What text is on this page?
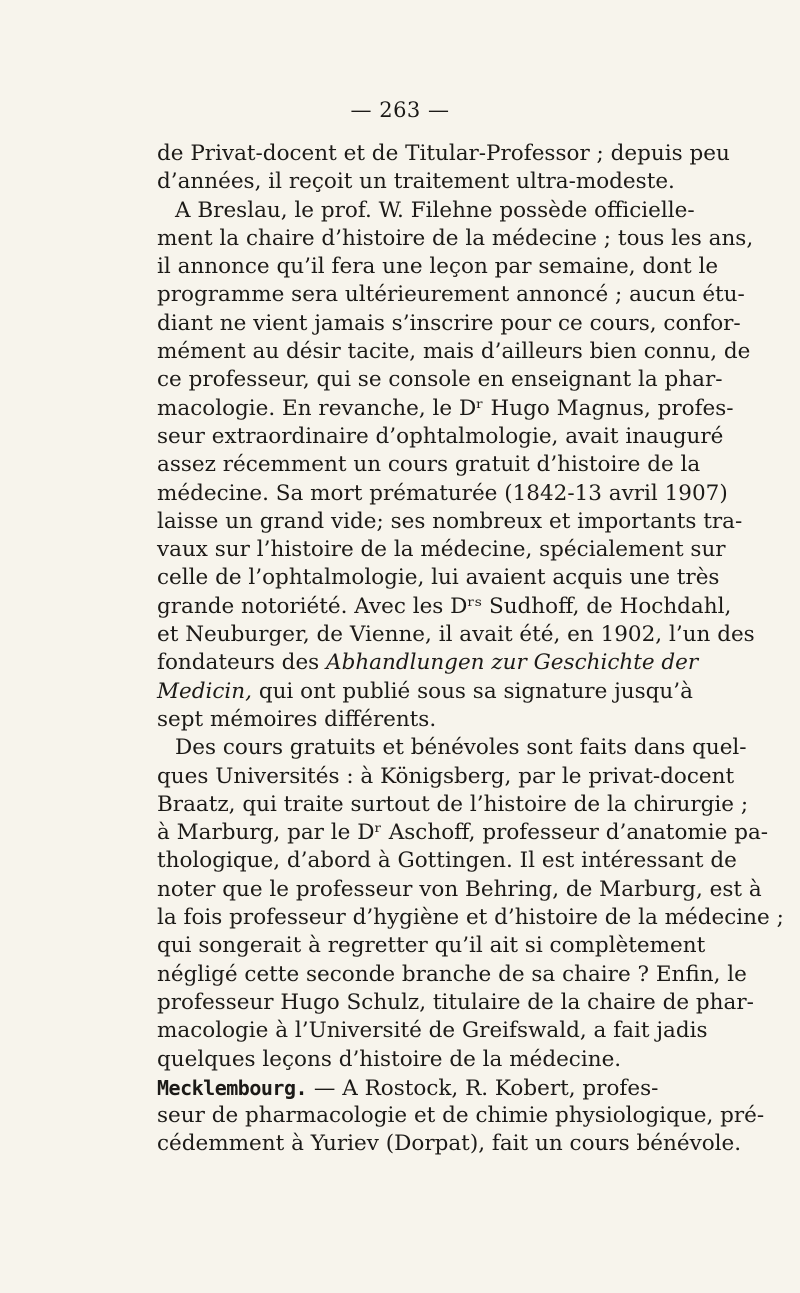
— 263 —
de Privat-docent et de Titular-Professor ; depuis peu
d’années, il reçoit un traitement ultra-modeste.
A Breslau, le prof. W. Filehne possède officielle-
ment la chaire d’histoire de la médecine ; tous les ans,
il annonce qu’il fera une leçon par semaine, dont le
programme sera ultérieurement annoncé ; aucun étu-
diant ne vient jamais s’inscrire pour ce cours, confor-
mément au désir tacite, mais d’ailleurs bien connu, de
ce professeur, qui se console en enseignant la phar-
macologie. En revanche, le Dʳ Hugo Magnus, profes-
seur extraordinaire d’ophtalmologie, avait inauguré
assez récemment un cours gratuit d’histoire de la
médecine. Sa mort prématurée (1842-13 avril 1907)
laisse un grand vide; ses nombreux et importants tra-
vaux sur l’histoire de la médecine, spécialement sur
celle de l’ophtalmologie, lui avaient acquis une très
grande notoriété. Avec les Dʳˢ Sudhoff, de Hochdahl,
et Neuburger, de Vienne, il avait été, en 1902, l’un des
fondateurs des Abhandlungen zur Geschichte der
Medicin, qui ont publié sous sa signature jusqu’à
sept mémoires différents.
Des cours gratuits et bénévoles sont faits dans quel-
ques Universités : à Königsberg, par le privat-docent
Braatz, qui traite surtout de l’histoire de la chirurgie ;
à Marburg, par le Dʳ Aschoff, professeur d’anatomie pa-
thologique, d’abord à Gottingen. Il est intéressant de
noter que le professeur von Behring, de Marburg, est à
la fois professeur d’hygiène et d’histoire de la médecine ;
qui songerait à regretter qu’il ait si complètement
négligé cette seconde branche de sa chaire ? Enfin, le
professeur Hugo Schulz, titulaire de la chaire de phar-
macologie à l’Université de Greifswald, a fait jadis
quelques leçons d’histoire de la médecine.
Mecklembourg. — A Rostock, R. Kobert, profes-
seur de pharmacologie et de chimie physiologique, pré-
cédemment à Yuriev (Dorpat), fait un cours bénévole.
